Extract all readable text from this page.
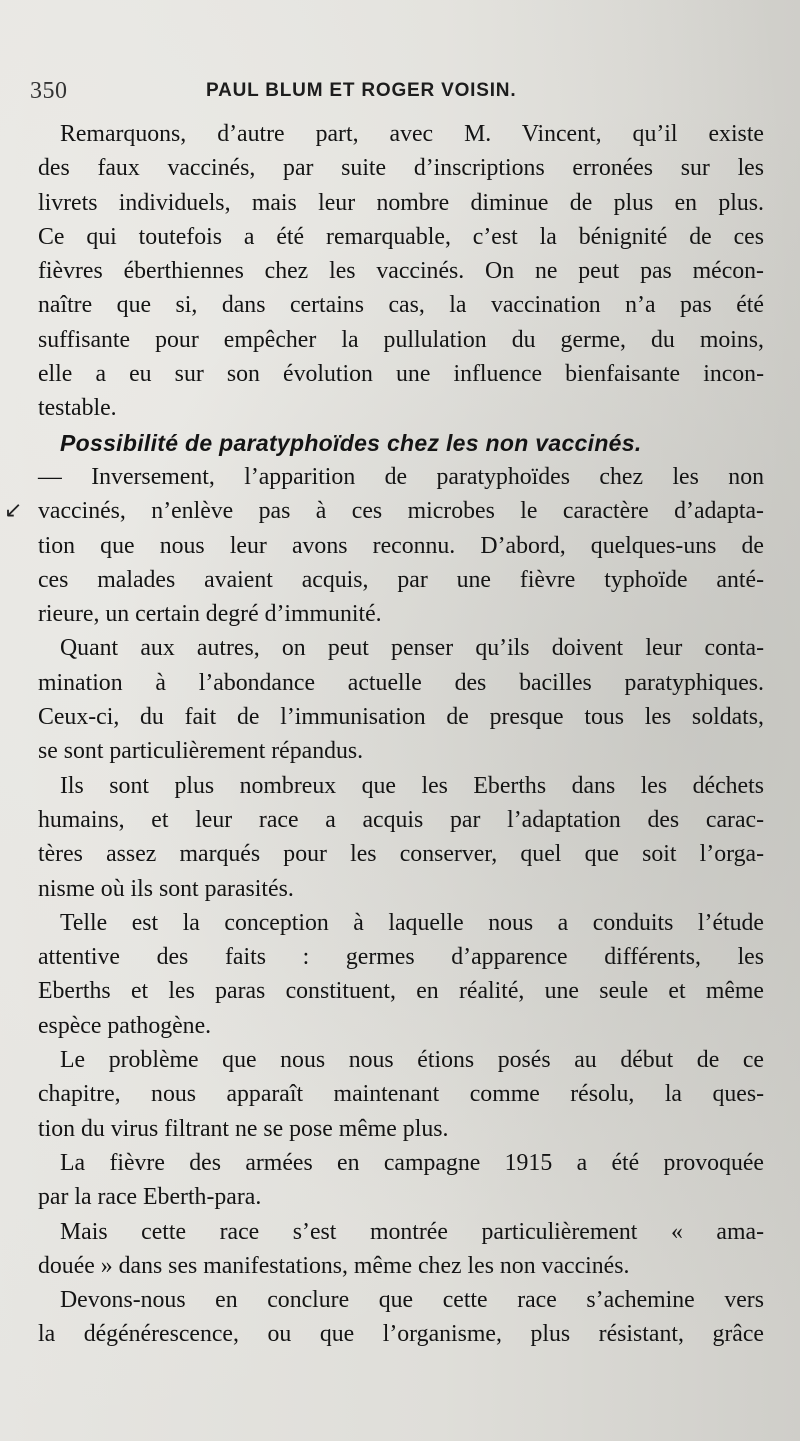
350	PAUL BLUM ET ROGER VOISIN.
↙
Remarquons, d’autre part, avec M. Vincent, qu’il existe
des faux vaccinés, par suite d’inscriptions erronées sur les
livrets individuels, mais leur nombre diminue de plus en plus.
Ce qui toutefois a été remarquable, c’est la bénignité de ces
fièvres éberthiennes chez les vaccinés. On ne peut pas mécon-
naître que si, dans certains cas, la vaccination n’a pas été
suffisante pour empêcher la pullulation du germe, du moins,
elle a eu sur son évolution une influence bienfaisante incon-
testable.
Possibilité de paratyphoïdes chez les non vaccinés.
— Inversement, l’apparition de paratyphoïdes chez les non
vaccinés, n’enlève pas à ces microbes le caractère d’adapta-
tion que nous leur avons reconnu. D’abord, quelques-uns de
ces malades avaient acquis, par une fièvre typhoïde anté-
rieure, un certain degré d’immunité.
Quant aux autres, on peut penser qu’ils doivent leur conta-
mination à l’abondance actuelle des bacilles paratyphiques.
Ceux-ci, du fait de l’immunisation de presque tous les soldats,
se sont particulièrement répandus.
Ils sont plus nombreux que les Eberths dans les déchets
humains, et leur race a acquis par l’adaptation des carac-
tères assez marqués pour les conserver, quel que soit l’orga-
nisme où ils sont parasités.
Telle est la conception à laquelle nous a conduits l’étude
attentive des faits : germes d’apparence différents, les
Eberths et les paras constituent, en réalité, une seule et même
espèce pathogène.
Le problème que nous nous étions posés au début de ce
chapitre, nous apparaît maintenant comme résolu, la ques-
tion du virus filtrant ne se pose même plus.
La fièvre des armées en campagne 1915 a été provoquée
par la race Eberth-para.
Mais cette race s’est montrée particulièrement « ama-
douée » dans ses manifestations, même chez les non vaccinés.
Devons-nous en conclure que cette race s’achemine vers
la dégénérescence, ou que l’organisme, plus résistant, grâce
